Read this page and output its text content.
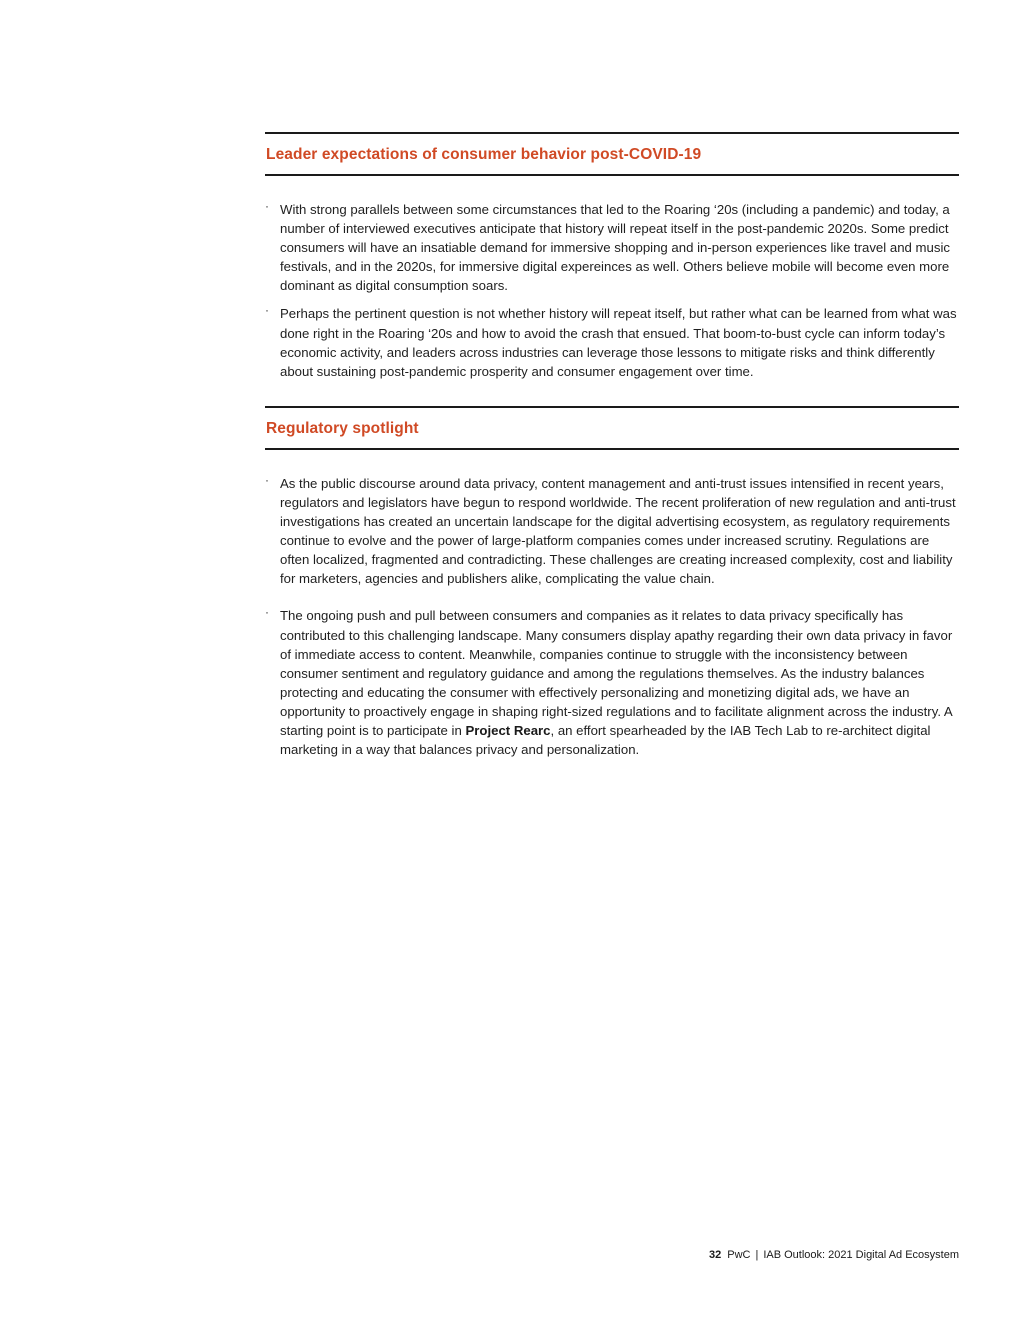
Leader expectations of consumer behavior post-COVID-19
· With strong parallels between some circumstances that led to the Roaring ‘20s (including a pandemic) and today, a number of interviewed executives anticipate that history will repeat itself in the post-pandemic 2020s. Some predict consumers will have an insatiable demand for immersive shopping and in-person experiences like travel and music festivals, and in the 2020s, for immersive digital expereinces as well. Others believe mobile will become even more dominant as digital consumption soars.
· Perhaps the pertinent question is not whether history will repeat itself, but rather what can be learned from what was done right in the Roaring ‘20s and how to avoid the crash that ensued. That boom-to-bust cycle can inform today’s economic activity, and leaders across industries can leverage those lessons to mitigate risks and think differently about sustaining post-pandemic prosperity and consumer engagement over time.
Regulatory spotlight
· As the public discourse around data privacy, content management and anti-trust issues intensified in recent years, regulators and legislators have begun to respond worldwide. The recent proliferation of new regulation and anti-trust investigations has created an uncertain landscape for the digital advertising ecosystem, as regulatory requirements continue to evolve and the power of large-platform companies comes under increased scrutiny. Regulations are often localized, fragmented and contradicting. These challenges are creating increased complexity, cost and liability for marketers, agencies and publishers alike, complicating the value chain.
· The ongoing push and pull between consumers and companies as it relates to data privacy specifically has contributed to this challenging landscape. Many consumers display apathy regarding their own data privacy in favor of immediate access to content. Meanwhile, companies continue to struggle with the inconsistency between consumer sentiment and regulatory guidance and among the regulations themselves. As the industry balances protecting and educating the consumer with effectively personalizing and monetizing digital ads, we have an opportunity to proactively engage in shaping right-sized regulations and to facilitate alignment across the industry. A starting point is to participate in Project Rearc, an effort spearheaded by the IAB Tech Lab to re-architect digital marketing in a way that balances privacy and personalization.
32 PwC | IAB Outlook: 2021 Digital Ad Ecosystem
